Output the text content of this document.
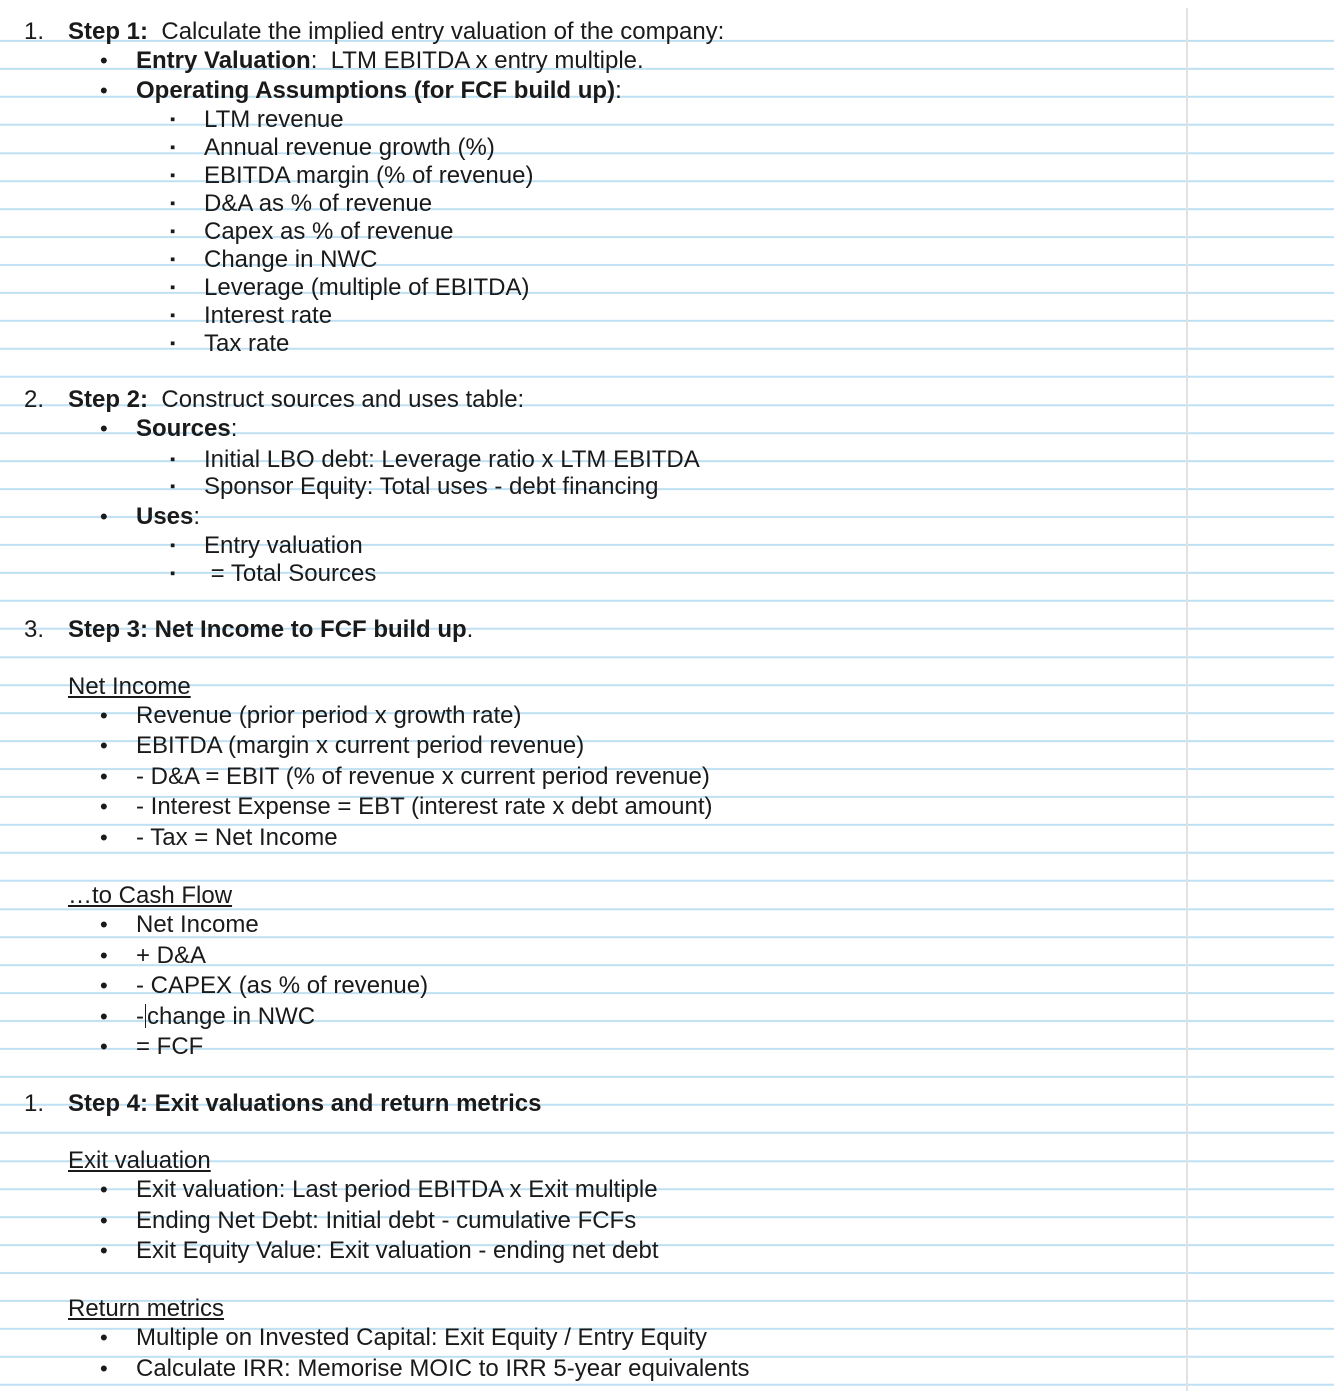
1. Step 1: Calculate the implied entry valuation of the company:
• Entry Valuation:  LTM EBITDA x entry multiple.
• Operating Assumptions (for FCF build up):
▪ LTM revenue
▪ Annual revenue growth (%)
▪ EBITDA margin (% of revenue)
▪ D&A as % of revenue
▪ Capex as % of revenue
▪ Change in NWC
▪ Leverage (multiple of EBITDA)
▪ Interest rate
▪ Tax rate
2. Step 2: Construct sources and uses table:
• Sources:
▪ Initial LBO debt: Leverage ratio x LTM EBITDA
▪ Sponsor Equity: Total uses - debt financing
• Uses:
▪ Entry valuation
▪ = Total Sources
3. Step 3: Net Income to FCF build up.
Net Income
• Revenue (prior period x growth rate)
• EBITDA (margin x current period revenue)
• - D&A = EBIT (% of revenue x current period revenue)
• - Interest Expense = EBT (interest rate x debt amount)
• - Tax = Net Income
…to Cash Flow
• Net Income
• + D&A
• - CAPEX (as % of revenue)
• - change in NWC
• = FCF
1. Step 4: Exit valuations and return metrics
Exit valuation
• Exit valuation: Last period EBITDA x Exit multiple
• Ending Net Debt: Initial debt - cumulative FCFs
• Exit Equity Value: Exit valuation - ending net debt
Return metrics
• Multiple on Invested Capital: Exit Equity / Entry Equity
• Calculate IRR: Memorise MOIC to IRR 5-year equivalents
